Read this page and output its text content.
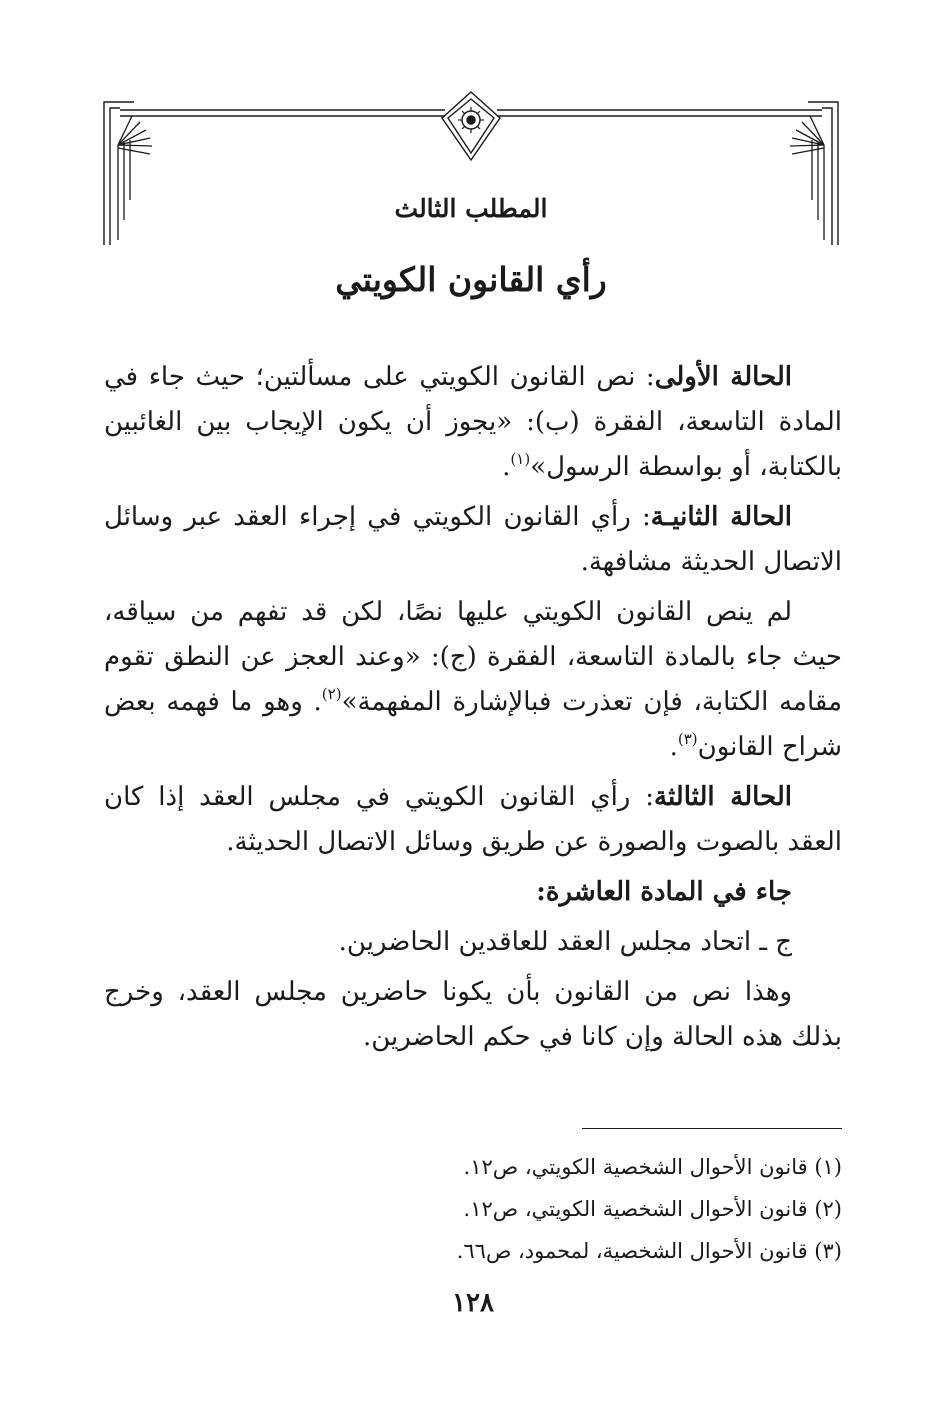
المطلب الثالث
رأي القانون الكويتي

الحالة الأولى: نص القانون الكويتي على مسألتين؛ حيث جاء في المادة التاسعة، الفقرة (ب): «يجوز أن يكون الإيجاب بين الغائبين بالكتابة، أو بواسطة الرسول»$^{(١)}$.

الحالة الثانيـة: رأي القانون الكويتي في إجراء العقد عبر وسائل الاتصال الحديثة مشافهة.

لم ينص القانون الكويتي عليها نصًا، لكن قد تفهم من سياقه، حيث جاء بالمادة التاسعة، الفقرة (ج): «وعند العجز عن النطق تقوم مقامه الكتابة، فإن تعذرت فبالإشارة المفهمة»$^{(٢)}$. وهو ما فهمه بعض شراح القانون$^{(٣)}$.

الحالة الثالثة: رأي القانون الكويتي في مجلس العقد إذا كان العقد بالصوت والصورة عن طريق وسائل الاتصال الحديثة.

جاء في المادة العاشرة:

ج ـ اتحاد مجلس العقد للعاقدين الحاضرين.

وهذا نص من القانون بأن يكونا حاضرين مجلس العقد، وخرج بذلك هذه الحالة وإن كانا في حكم الحاضرين.

(١) قانون الأحوال الشخصية الكويتي، ص١٢.

(٢) قانون الأحوال الشخصية الكويتي، ص١٢.

(٣) قانون الأحوال الشخصية، لمحمود، ص٦٦.

١٢٨
